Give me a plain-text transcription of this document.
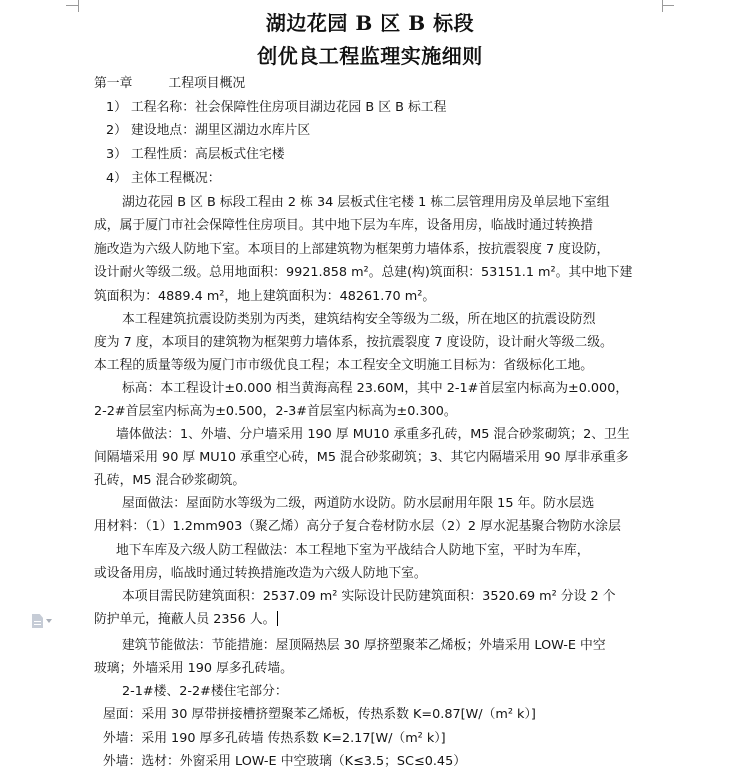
湖边花园 B 区 B 标段
创优良工程监理实施细则
第一章	工程项目概况
1） 工程名称：社会保障性住房项目湖边花园 B 区 B 标工程
2） 建设地点：湖里区湖边水库片区
3） 工程性质：高层板式住宅楼
4） 主体工程概况：
湖边花园 B 区 B 标段工程由 2 栋 34 层板式住宅楼 1 栋二层管理用房及单层地下室组
成，属于厦门市社会保障性住房项目。其中地下层为车库，设备用房，临战时通过转换措
施改造为六级人防地下室。本项目的上部建筑物为框架剪力墙体系，按抗震裂度 7 度设防，
设计耐火等级二级。总用地面积：9921.858 m²。总建(构)筑面积：53151.1 m²。其中地下建
筑面积为：4889.4 m²，地上建筑面积为：48261.70 m²。
本工程建筑抗震设防类别为丙类，建筑结构安全等级为二级，所在地区的抗震设防烈
度为 7 度，本项目的建筑物为框架剪力墙体系，按抗震裂度 7 度设防，设计耐火等级二级。
本工程的质量等级为厦门市市级优良工程；本工程安全文明施工目标为：省级标化工地。
标高：本工程设计±0.000 相当黄海高程 23.60M，其中 2-1#首层室内标高为±0.000，
2-2#首层室内标高为±0.500，2-3#首层室内标高为±0.300。
墙体做法：1、外墙、分户墙采用 190 厚 MU10 承重多孔砖，M5 混合砂浆砌筑；2、卫生
间隔墙采用 90 厚 MU10 承重空心砖，M5 混合砂浆砌筑；3、其它内隔墙采用 90 厚非承重多
孔砖，M5 混合砂浆砌筑。
屋面做法：屋面防水等级为二级，两道防水设防。防水层耐用年限 15 年。防水层选
用材料：（1）1.2mm903（聚乙烯）高分子复合卷材防水层（2）2 厚水泥基聚合物防水涂层
地下车库及六级人防工程做法：本工程地下室为平战结合人防地下室，平时为车库，
或设备用房，临战时通过转换措施改造为六级人防地下室。
本项目需民防建筑面积：2537.09 m² 实际设计民防建筑面积：3520.69 m² 分设 2 个
防护单元，掩蔽人员 2356 人。
建筑节能做法：节能措施：屋顶隔热层 30 厚挤塑聚苯乙烯板；外墙采用 LOW-E 中空
玻璃；外墙采用 190 厚多孔砖墙。
2-1#楼、2-2#楼住宅部分：
屋面：采用 30 厚带拼接槽挤塑聚苯乙烯板，传热系数 K=0.87[W/（m² k）]
外墙：采用 190 厚多孔砖墙 传热系数 K=2.17[W/（m² k）]
外墙：选材：外窗采用 LOW-E 中空玻璃（K≤3.5；SC≤0.45）
